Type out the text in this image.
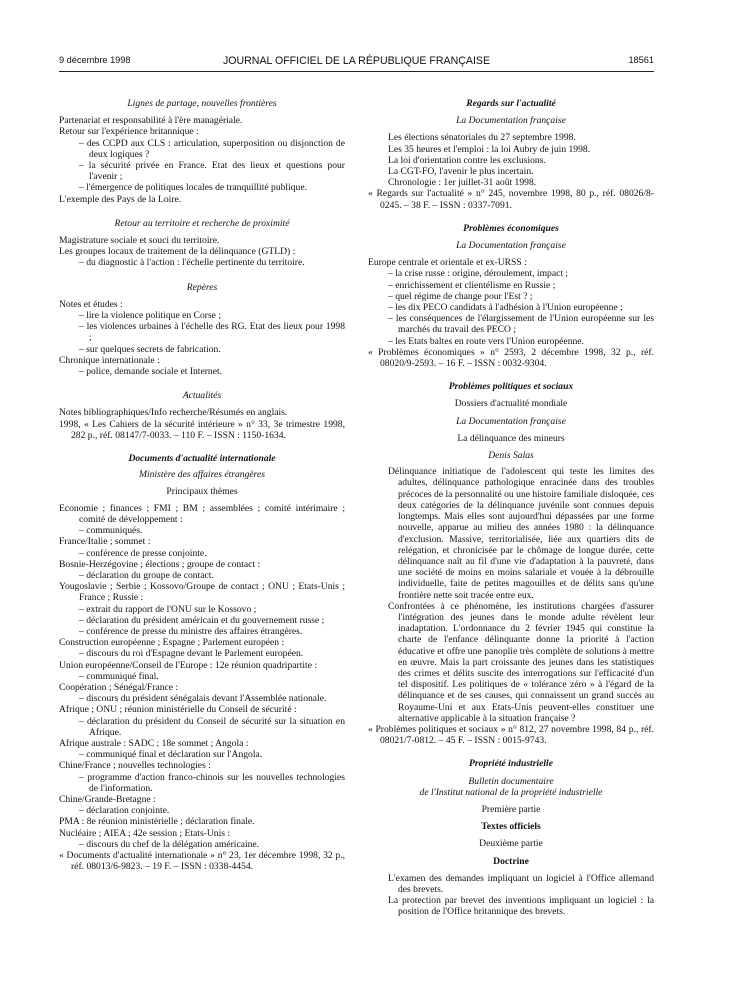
9 décembre 1998	JOURNAL OFFICIEL DE LA RÉPUBLIQUE FRANÇAISE	18561

Lignes de partage, nouvelles frontières

Partenariat et responsabilité à l'ère managériale.

Retour sur l'expérience britannique :

– des CCPD aux CLS : articulation, superposition ou disjonction de deux logiques ?

– la sécurité privée en France. Etat des lieux et questions pour l'avenir ;

– l'émergence de politiques locales de tranquillité publique.

L'exemple des Pays de la Loire.

Retour au territoire et recherche de proximité

Magistrature sociale et souci du territoire.

Les groupes locaux de traitement de la délinquance (GTLD) :

– du diagnostic à l'action : l'échelle pertinente du territoire.

Repères

Notes et études :

– lire la violence politique en Corse ;

– les violences urbaines à l'échelle des RG. Etat des lieux pour 1998 ;

– sur quelques secrets de fabrication.

Chronique internationale :

– police, demande sociale et Internet.

Actualités

Notes bibliographiques/Info recherche/Résumés en anglais.

1998, « Les Cahiers de la sécurité intérieure » n° 33, 3e trimestre 1998, 282 p., réf. 08147/7-0033. – 110 F. – ISSN : 1150-1634.

Documents d'actualité internationale

Ministère des affaires étrangères

Principaux thèmes

Economie ; finances ; FMI ; BM ; assemblées ; comité intérimaire ; comité de développement :

– communiqués.

France/Italie ; sommet :

– conférence de presse conjointe.

Bosnie-Herzégovine ; élections ; groupe de contact :

– déclaration du groupe de contact.

Yougoslavie ; Serbie ; Kossovo/Groupe de contact ; ONU ; Etats-Unis ; France ; Russie :

– extrait du rapport de l'ONU sur le Kossovo ;

– déclaration du président américain et du gouvernement russe ;

– conférence de presse du ministre des affaires étrangères.

Construction européenne ; Espagne ; Parlement européen :

– discours du roi d'Espagne devant le Parlement européen.

Union européenne/Conseil de l'Europe : 12e réunion quadripartite :

– communiqué final.

Coopération ; Sénégal/France :

– discours du président sénégalais devant l'Assemblée nationale.

Afrique ; ONU ; réunion ministérielle du Conseil de sécurité :

– déclaration du président du Conseil de sécurité sur la situation en Afrique.

Afrique australe : SADC ; 18e sommet ; Angola :

– communiqué final et déclaration sur l'Angola.

Chine/France ; nouvelles technologies :

– programme d'action franco-chinois sur les nouvelles technologies de l'information.

Chine/Grande-Bretagne :

– déclaration conjointe.

PMA : 8e réunion ministérielle ; déclaration finale.

Nucléaire ; AIEA ; 42e session ; Etats-Unis :

– discours du chef de la délégation américaine.

« Documents d'actualité internationale » n° 23, 1er décembre 1998, 32 p., réf. 08013/6-9823. – 19 F. – ISSN : 0338-4454.

Regards sur l'actualité

La Documentation française

Les élections sénatoriales du 27 septembre 1998.

Les 35 heures et l'emploi : la loi Aubry de juin 1998.

La loi d'orientation contre les exclusions.

La CGT-FO, l'avenir le plus incertain.

Chronologie : 1er juillet-31 août 1998.

« Regards sur l'actualité » n° 245, novembre 1998, 80 p., réf. 08026/8-0245. – 38 F. – ISSN : 0337-7091.

Problèmes économiques

La Documentation française

Europe centrale et orientale et ex-URSS :

– la crise russe : origine, déroulement, impact ;

– enrichissement et clientélisme en Russie ;

– quel régime de change pour l'Est ? ;

– les dix PECO candidats à l'adhésion à l'Union européenne ;

– les conséquences de l'élargissement de l'Union européenne sur les marchés du travail des PECO ;

– les Etats baltes en route vers l'Union européenne.

« Problèmes économiques » n° 2593, 2 décembre 1998, 32 p., réf. 08020/9-2593. – 16 F. – ISSN : 0032-9304.

Problèmes politiques et sociaux

Dossiers d'actualité mondiale

La Documentation française

La délinquance des mineurs

Denis Salas

Délinquance initiatique de l'adolescent qui teste les limites des adultes, délinquance pathologique enracinée dans des troubles précoces de la personnalité ou une histoire familiale disloquée, ces deux catégories de la délinquance juvénile sont connues depuis longtemps. Mais elles sont aujourd'hui dépassées par une forme nouvelle, apparue au milieu des années 1980 : la délinquance d'exclusion. Massive, territorialisée, liée aux quartiers dits de relégation, et chronicisée par le chômage de longue durée, cette délinquance naît au fil d'une vie d'adaptation à la pauvreté, dans une société de moins en moins salariale et vouée à la débrouille individuelle, faite de petites magouilles et de délits sans qu'une frontière nette soit tracée entre eux.

Confrontées à ce phénomène, les institutions chargées d'assurer l'intégration des jeunes dans le monde adulte révèlent leur inadaptation. L'ordonnance du 2 février 1945 qui constitue la charte de l'enfance délinquante donne la priorité à l'action éducative et offre une panoplie très complète de solutions à mettre en œuvre. Mais la part croissante des jeunes dans les statistiques des crimes et délits suscite des interrogations sur l'efficacité d'un tel dispositif. Les politiques de « tolérance zéro » à l'égard de la délinquance et de ses causes, qui connaissent un grand succès au Royaume-Uni et aux Etats-Unis peuvent-elles constituer une alternative applicable à la situation française ?

« Problèmes politiques et sociaux » n° 812, 27 novembre 1998, 84 p., réf. 08021/7-0812. – 45 F. – ISSN : 0015-9743.

Propriété industrielle

Bulletin documentaire

de l'Institut national de la propriété industrielle

Première partie

Textes officiels

Deuxième partie

Doctrine

L'examen des demandes impliquant un logiciel à l'Office allemand des brevets.

La protection par brevet des inventions impliquant un logiciel : la position de l'Office britannique des brevets.
